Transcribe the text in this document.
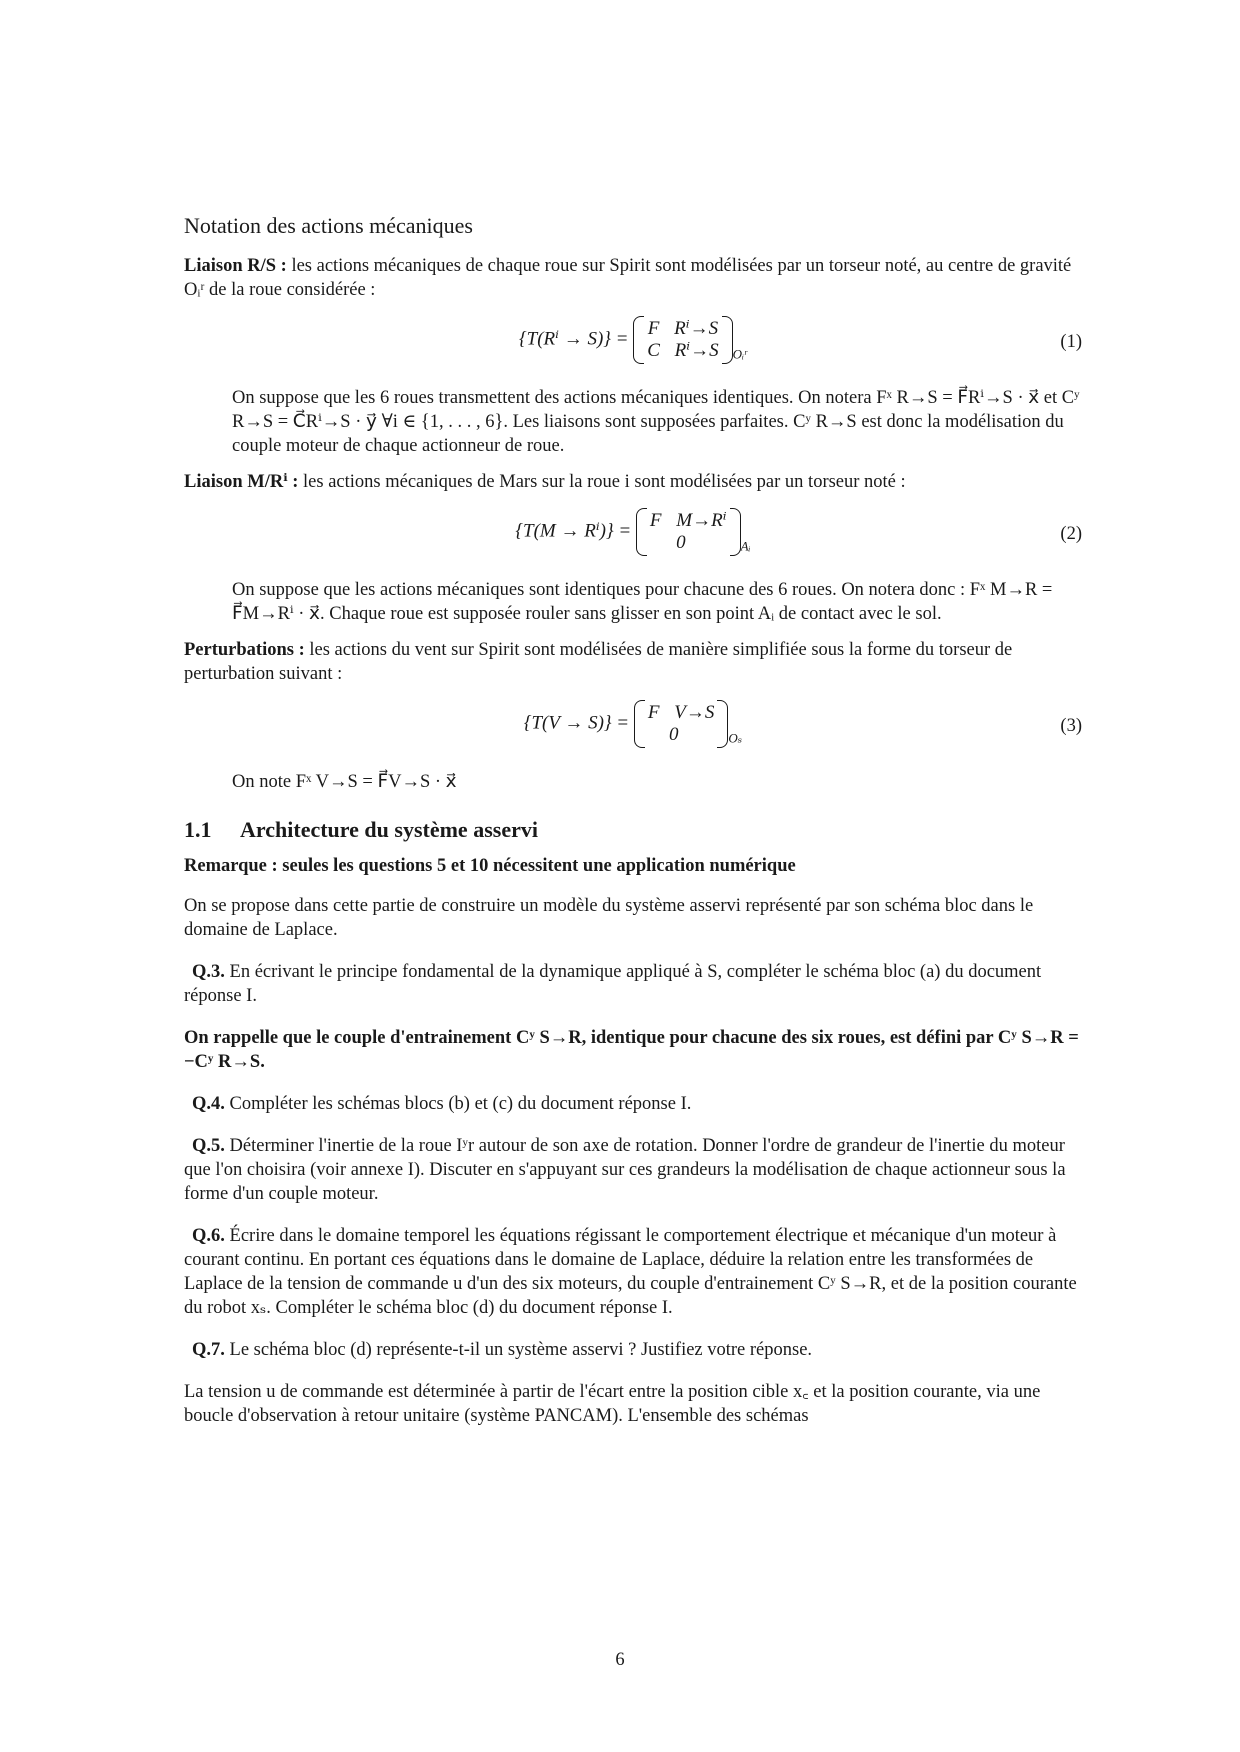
Notation des actions mécaniques
Liaison R/S : les actions mécaniques de chaque roue sur Spirit sont modélisées par un torseur noté, au centre de gravité Oᵢʳ de la roue considérée :
{T(Rⁱ → S)} = F⃗Rⁱ→S
C⃗Rⁱ→S $_{Oᵢʳ}$
(1)

On suppose que les 6 roues transmettent des actions mécaniques identiques. On notera Fˣ R→S = F⃗Rⁱ→S · x⃗ et Cʸ R→S = C⃗Rⁱ→S · y⃗ ∀i ∈ {1, . . . , 6}. Les liaisons sont supposées parfaites. Cʸ R→S est donc la modélisation du couple moteur de chaque actionneur de roue.

Liaison M/Rⁱ : les actions mécaniques de Mars sur la roue i sont modélisées par un torseur noté :
{T(M → Rⁱ)} = F⃗M→Rⁱ
0⃗	$_{Aᵢ}$
(2)

On suppose que les actions mécaniques sont identiques pour chacune des 6 roues. On notera donc : Fˣ M→R = F⃗M→Rⁱ · x⃗. Chaque roue est supposée rouler sans glisser en son point Aᵢ de contact avec le sol.

Perturbations : les actions du vent sur Spirit sont modélisées de manière simplifiée sous la forme du torseur de perturbation suivant :
{T(V → S)} = F⃗V→S
0⃗	$_{O_s}$
(3)

On note Fˣ V→S = F⃗V→S · x⃗

1.1 Architecture du système asservi

Remarque : seules les questions 5 et 10 nécessitent une application numérique

On se propose dans cette partie de construire un modèle du système asservi représenté par son schéma bloc dans le domaine de Laplace.

Q.3. En écrivant le principe fondamental de la dynamique appliqué à S, compléter le schéma bloc (a) du document réponse I.

On rappelle que le couple d'entrainement Cʸ S→R, identique pour chacune des six roues, est défini par Cʸ S→R = −Cʸ R→S.

Q.4. Compléter les schémas blocs (b) et (c) du document réponse I.

Q.5. Déterminer l'inertie de la roue Iʸr autour de son axe de rotation. Donner l'ordre de grandeur de l'inertie du moteur que l'on choisira (voir annexe I). Discuter en s'appuyant sur ces grandeurs la modélisation de chaque actionneur sous la forme d'un couple moteur.

Q.6. Écrire dans le domaine temporel les équations régissant le comportement électrique et mécanique d'un moteur à courant continu. En portant ces équations dans le domaine de Laplace, déduire la relation entre les transformées de Laplace de la tension de commande u d'un des six moteurs, du couple d'entrainement Cʸ S→R, et de la position courante du robot xₛ. Compléter le schéma bloc (d) du document réponse I.

Q.7. Le schéma bloc (d) représente-t-il un système asservi ? Justifiez votre réponse.

La tension u de commande est déterminée à partir de l'écart entre la position cible x꜀ et la position courante, via une boucle d'observation à retour unitaire (système PANCAM). L'ensemble des schémas

6
